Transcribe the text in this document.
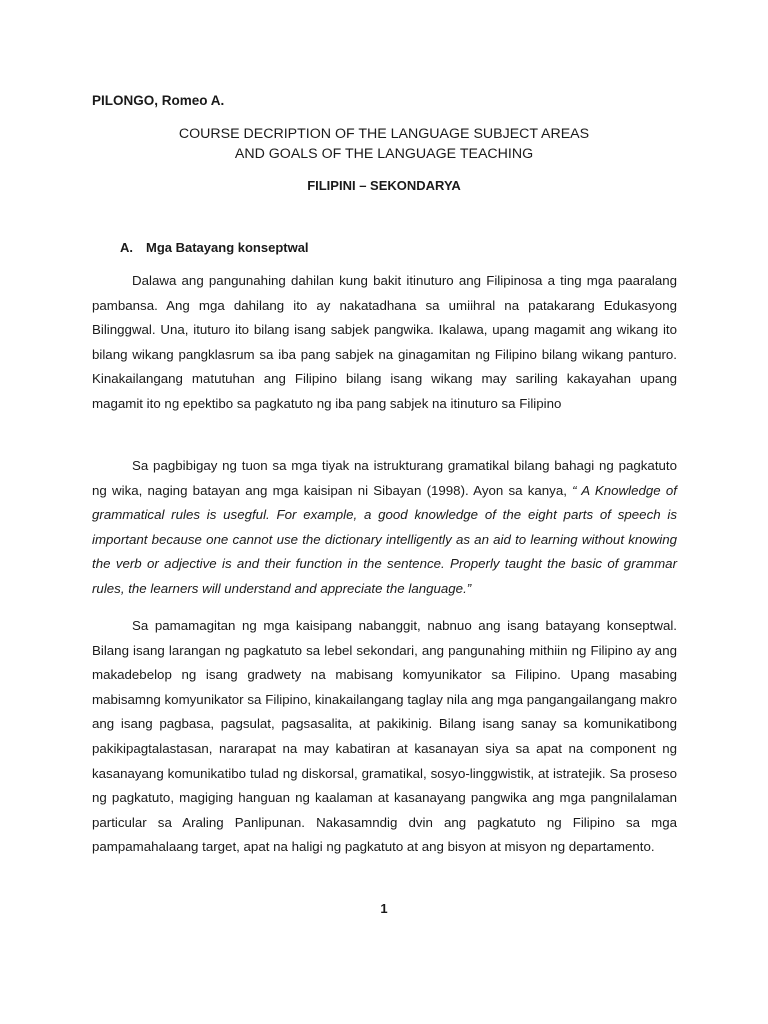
PILONGO, Romeo A.

COURSE DECRIPTION OF THE LANGUAGE SUBJECT AREAS
AND GOALS OF THE LANGUAGE TEACHING

FILIPINI – SEKONDARYA

A. Mga Batayang konseptwal

Dalawa ang pangunahing dahilan kung bakit itinuturo ang Filipinosa a ting mga paaralang pambansa. Ang mga dahilang ito ay nakatadhana sa umiihral na patakarang Edukasyong Bilinggwal. Una, ituturo ito bilang isang sabjek pangwika. Ikalawa, upang magamit ang wikang ito bilang wikang pangklasrum sa iba pang sabjek na ginagamitan ng Filipino bilang wikang panturo. Kinakailangang matutuhan ang Filipino bilang isang wikang may sariling kakayahan upang magamit ito ng epektibo sa pagkatuto ng iba pang sabjek na itinuturo sa Filipino

Sa pagbibigay ng tuon sa mga tiyak na istrukturang gramatikal bilang bahagi ng pagkatuto ng wika, naging batayan ang mga kaisipan ni Sibayan (1998). Ayon sa kanya, “ A Knowledge of grammatical rules is usegful. For example, a good knowledge of the eight parts of speech is important because one cannot use the dictionary intelligently as an aid to learning without knowing the verb or adjective is and their function in the sentence. Properly taught the basic of grammar rules, the learners will understand and appreciate the language.”

Sa pamamagitan ng mga kaisipang nabanggit, nabnuo ang isang batayang konseptwal. Bilang isang larangan ng pagkatuto sa lebel sekondari, ang pangunahing mithiin ng Filipino ay ang makadebelop ng isang gradwety na mabisang komyunikator sa Filipino. Upang masabing mabisamng komyunikator sa Filipino, kinakailangang taglay nila ang mga pangangailangang makro ang isang pagbasa, pagsulat, pagsasalita, at pakikinig. Bilang isang sanay sa komunikatibong pakikipagtalastasan, nararapat na may kabatiran at kasanayan siya sa apat na component ng kasanayang komunikatibo tulad ng diskorsal, gramatikal, sosyo-linggwistik, at istratejik. Sa proseso ng pagkatuto, magiging hanguan ng kaalaman at kasanayang pangwika ang mga pangnilalaman particular sa Araling Panlipunan. Nakasamndig dvin ang pagkatuto ng Filipino sa mga pampamahalaang target, apat na haligi ng pagkatuto at ang bisyon at misyon ng departamento.

1
